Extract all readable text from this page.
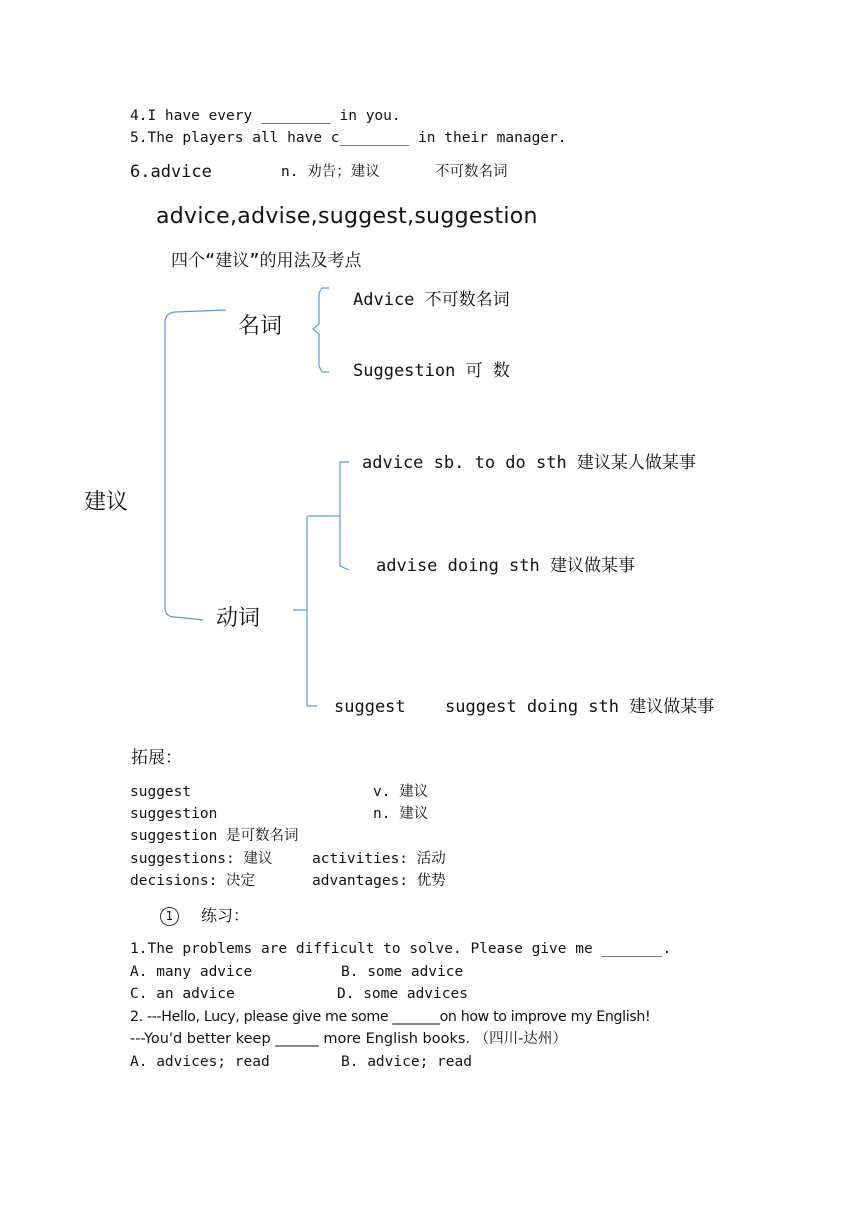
4.I have every ________ in you.
5.The players all have c________ in their manager.
6.advice	n. 劝告；建议	不可数名词
advice,advise,suggest,suggestion
四个“建议”的用法及考点
建议
名词
Advice 不可数名词
Suggestion 可 数
动词
advice sb. to do sth 建议某人做某事
advise doing sth 建议做某事
suggest suggest doing sth 建议做某事
拓展：
suggest	v. 建议
suggestion	n. 建议
suggestion 是可数名词
suggestions: 建议	activities: 活动
decisions: 决定	advantages: 优势
1	练习：
1.The problems are difficult to solve. Please give me _______.
A. many advice	B. some advice
C. an advice	D. some advices
2. ---Hello, Lucy, please give me some _______on how to improve my English!
---You'd better keep ______ more English books. （四川-达州）
A. advices; read	B. advice; read
